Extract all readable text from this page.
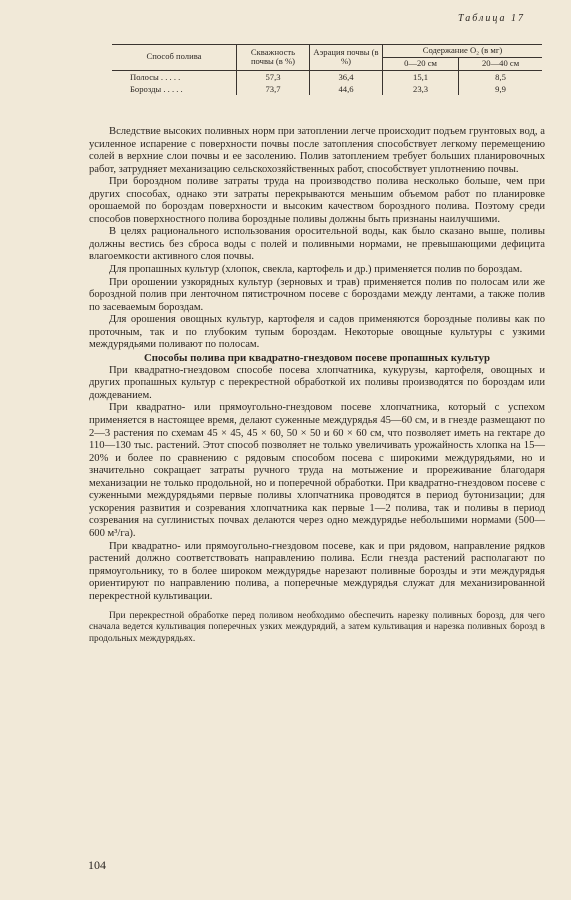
Таблица 17
Способ полива	Скважность почвы (в %)	Аэрация почвы (в %)	Содержание O₂ (в мг)	
			0—20 см	20—40 см
Полосы . . . . .	57,3	36,4	15,1	8,5
Борозды . . . . .	73,7	44,6	23,3	9,9

Вследствие высоких поливных норм при затоплении легче происходит подъем грунтовых вод, а усиленное испарение с поверхности почвы после затопления способствует легкому перемещению солей в верхние слои почвы и ее засолению. Полив затоплением требует больших планировочных работ, затрудняет механизацию сельскохозяйственных работ, способствует уплотнению почвы.

При бороздном поливе затраты труда на производство полива несколько больше, чем при других способах, однако эти затраты перекрываются меньшим объемом работ по планировке орошаемой по бороздам поверхности и высоким качеством бороздного полива. Поэтому среди способов поверхностного полива бороздные поливы должны быть признаны наилучшими.

В целях рационального использования оросительной воды, как было сказано выше, поливы должны вестись без сброса воды с полей и поливными нормами, не превышающими дефицита влагоемкости активного слоя почвы.

Для пропашных культур (хлопок, свекла, картофель и др.) применяется полив по бороздам.

При орошении узкорядных культур (зерновых и трав) применяется полив по полосам или же бороздной полив при ленточном пятистрочном посеве с бороздами между лентами, а также полив по засеваемым бороздам.

Для орошения овощных культур, картофеля и садов применяются бороздные поливы как по проточным, так и по глубоким тупым бороздам. Некоторые овощные культуры с узкими междурядьями поливают по полосам.

Способы полива при квадратно-гнездовом посеве пропашных культур

При квадратно-гнездовом способе посева хлопчатника, кукурузы, картофеля, овощных и других пропашных культур с перекрестной обработкой их поливы производятся по бороздам или дождеванием.

При квадратно- или прямоугольно-гнездовом посеве хлопчатника, который с успехом применяется в настоящее время, делают суженные междурядья 45—60 см, и в гнезде размещают по 2—3 растения по схемам 45 × 45, 45 × 60, 50 × 50 и 60 × 60 см, что позволяет иметь на гектаре до 110—130 тыс. растений. Этот способ позволяет не только увеличивать урожайность хлопка на 15—20% и более по сравнению с рядовым способом посева с широкими междурядьями, но и значительно сокращает затраты ручного труда на мотыжение и прореживание благодаря механизации не только продольной, но и поперечной обработки. При квадратно-гнездовом посеве с суженными междурядьями первые поливы хлопчатника проводятся в период бутонизации; для ускорения развития и созревания хлопчатника как первые 1—2 полива, так и поливы в период созревания на суглинистых почвах делаются через одно междурядье небольшими нормами (500—600 м³/га).

При квадратно- или прямоугольно-гнездовом посеве, как и при рядовом, направление рядков растений должно соответствовать направлению полива. Если гнезда растений располагают по прямоугольнику, то в более широком междурядье нарезают поливные борозды и эти междурядья ориентируют по направлению полива, а поперечные междурядья служат для механизированной перекрестной культивации.

При перекрестной обработке перед поливом необходимо обеспечить нарезку поливных борозд, для чего сначала ведется культивация поперечных узких междурядий, а затем культивация и нарезка поливных борозд в продольных междурядьях.

104
